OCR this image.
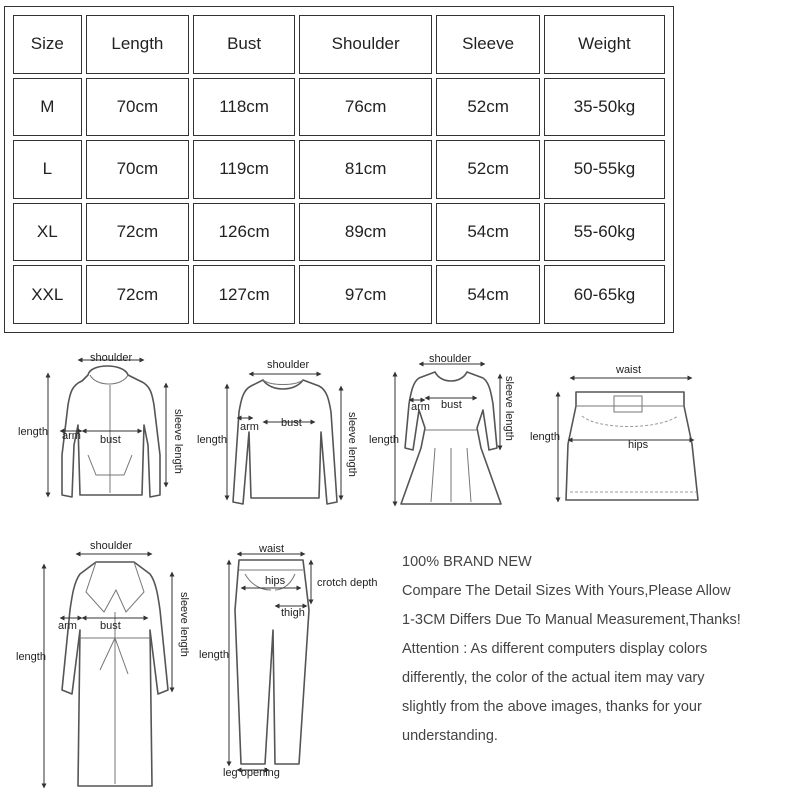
Size	Length	Bust	Shoulder	Sleeve	Weight
M	70cm	118cm	76cm	52cm	35-50kg
L	70cm	119cm	81cm	52cm	50-55kg
XL	72cm	126cm	89cm	54cm	55-60kg
XXL	72cm	127cm	97cm	54cm	60-65kg
shoulder
length arm bust	sleeve length
shoulder
length
arm bust	sleeve length
shoulder
length
arm bust	sleeve length
waist
length
hips
shoulder
length
arm bust	sleeve length
waist
hips	crotch depth
thigh
length
leg opening

100% BRAND NEW

Compare The Detail Sizes With Yours,Please Allow

1-3CM Differs Due To Manual Measurement,Thanks!

Attention : As different computers display colors

differently, the color of the actual item may vary

slightly from the above images, thanks for your

understanding.
